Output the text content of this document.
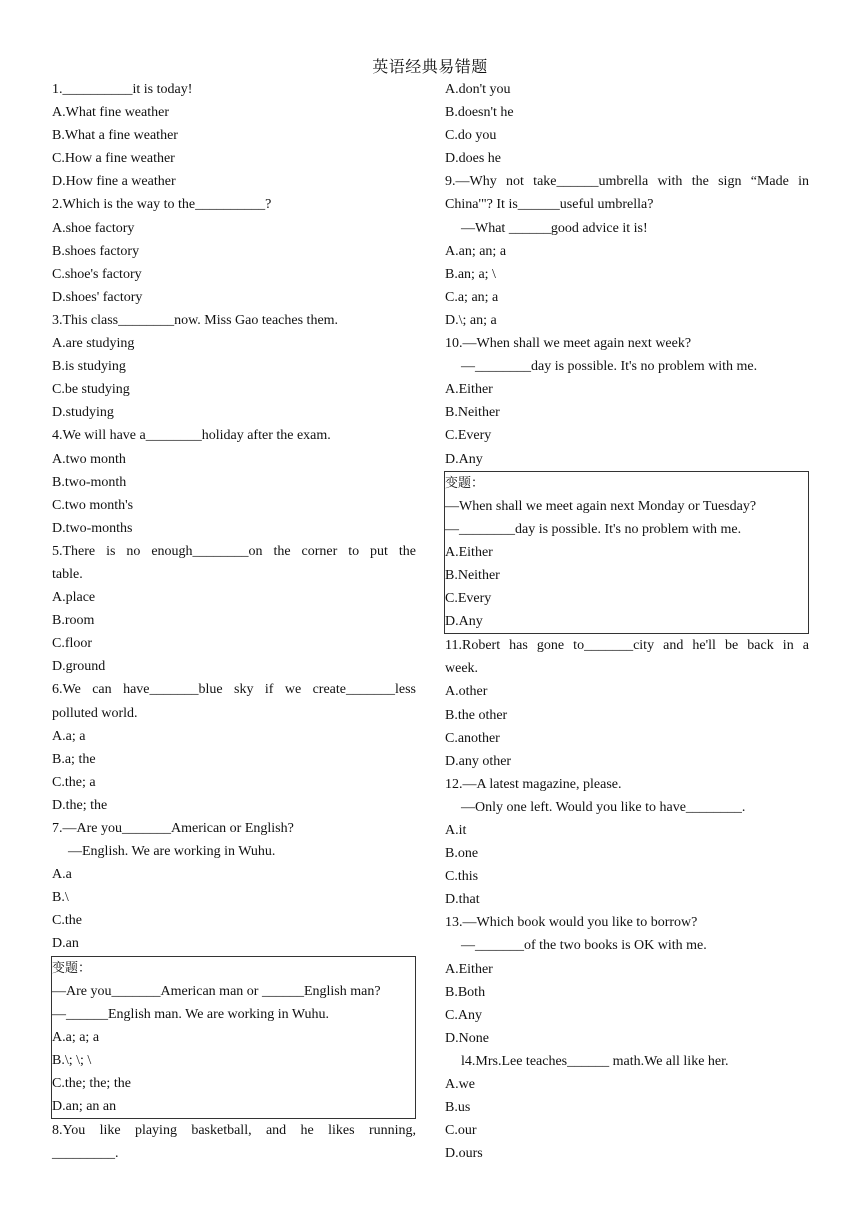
英语经典易错题
1.__________it is today!
A.What fine weather
B.What a fine weather
C.How a fine weather
D.How fine a weather
2.Which is the way to the__________?
A.shoe factory
B.shoes factory
C.shoe's factory
D.shoes' factory
3.This class________now. Miss Gao teaches them.
A.are studying
B.is studying
C.be studying
D.studying
4.We will have a________holiday after the exam.
A.two month
B.two-month
C.two month's
D.two-months
5.There is no enough________on the corner to put the
table.
A.place
B.room
C.floor
D.ground
6.We can have_______blue sky if we create_______less
polluted world.
A.a; a
B.a; the
C.the; a
D.the; the
7.—Are you_______American or English?
—English. We are working in Wuhu.
A.a
B.\
C.the
D.an
变题：
—Are you_______American man or ______English man?
—______English man. We are working in Wuhu.
A.a; a; a
B.\; \; \
C.the; the; the
D.an; an an
8.You like playing basketball, and he likes running,
_________.
A.don't you
B.doesn't he
C.do you
D.does he
9.—Why not take______umbrella with the sign “Made in
China'"? It is______useful umbrella?
—What ______good advice it is!
A.an; an; a
B.an; a; \
C.a; an; a
D.\; an; a
10.—When shall we meet again next week?
—________day is possible. It's no problem with me.
A.Either
B.Neither
C.Every
D.Any
变题：
—When shall we meet again next Monday or Tuesday?
—________day is possible. It's no problem with me.
A.Either
B.Neither
C.Every
D.Any
11.Robert has gone to_______city and he'll be back in a
week.
A.other
B.the other
C.another
D.any other
12.—A latest magazine, please.
—Only one left. Would you like to have________.
A.it
B.one
C.this
D.that
13.—Which book would you like to borrow?
—_______of the two books is OK with me.
A.Either
B.Both
C.Any
D.None
l4.Mrs.Lee teaches______ math.We all like her.
A.we
B.us
C.our
D.ours
